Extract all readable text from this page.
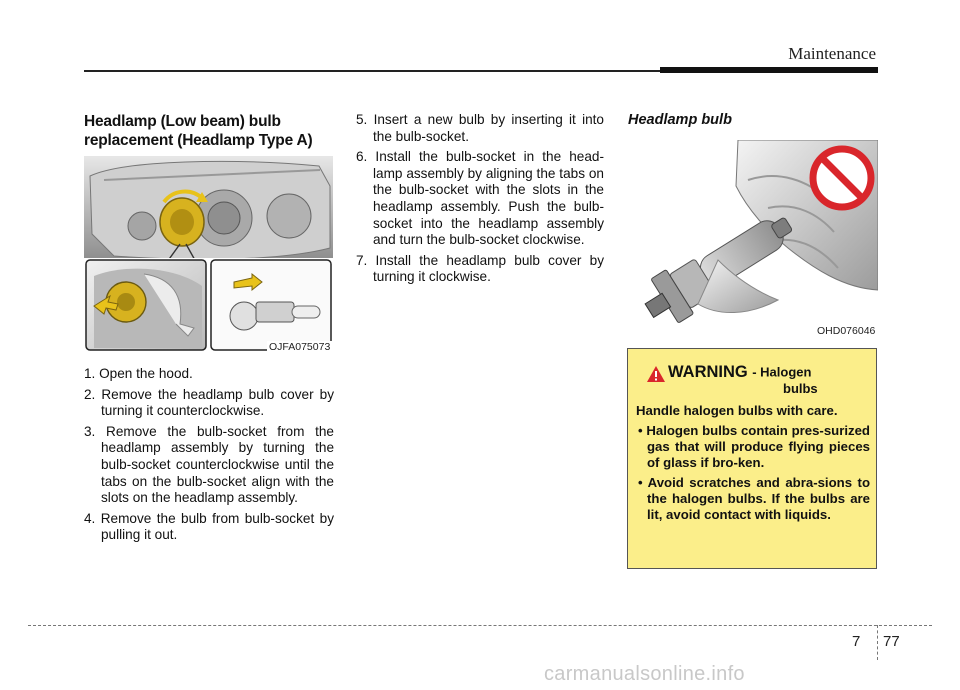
Maintenance
Headlamp (Low beam) bulb
replacement (Headlamp Type A)
OJFA075073
1. Open the hood.
2. Remove the headlamp bulb cover by turning it counterclockwise.
3. Remove the bulb-socket from the headlamp assembly by turning the bulb-socket counterclockwise until the tabs on the bulb-socket align with the slots on the headlamp assembly.
4. Remove the bulb from bulb-socket by pulling it out.
5. Insert a new bulb by inserting it into the bulb-socket.
6. Install the bulb-socket in the head-lamp assembly by aligning the tabs on the bulb-socket with the slots in the headlamp assembly. Push the bulb-socket into the headlamp assembly and turn the bulb-socket clockwise.
7. Install the headlamp bulb cover by turning it clockwise.
Headlamp bulb
OHD076046
WARNING - Halogen
bulbs
Handle halogen bulbs with care.
• Halogen bulbs contain pres-surized gas that will produce flying pieces of glass if bro-ken.
• Avoid scratches and abra-sions to the halogen bulbs. If the bulbs are lit, avoid contact with liquids.
7 77
carmanualsonline.info
